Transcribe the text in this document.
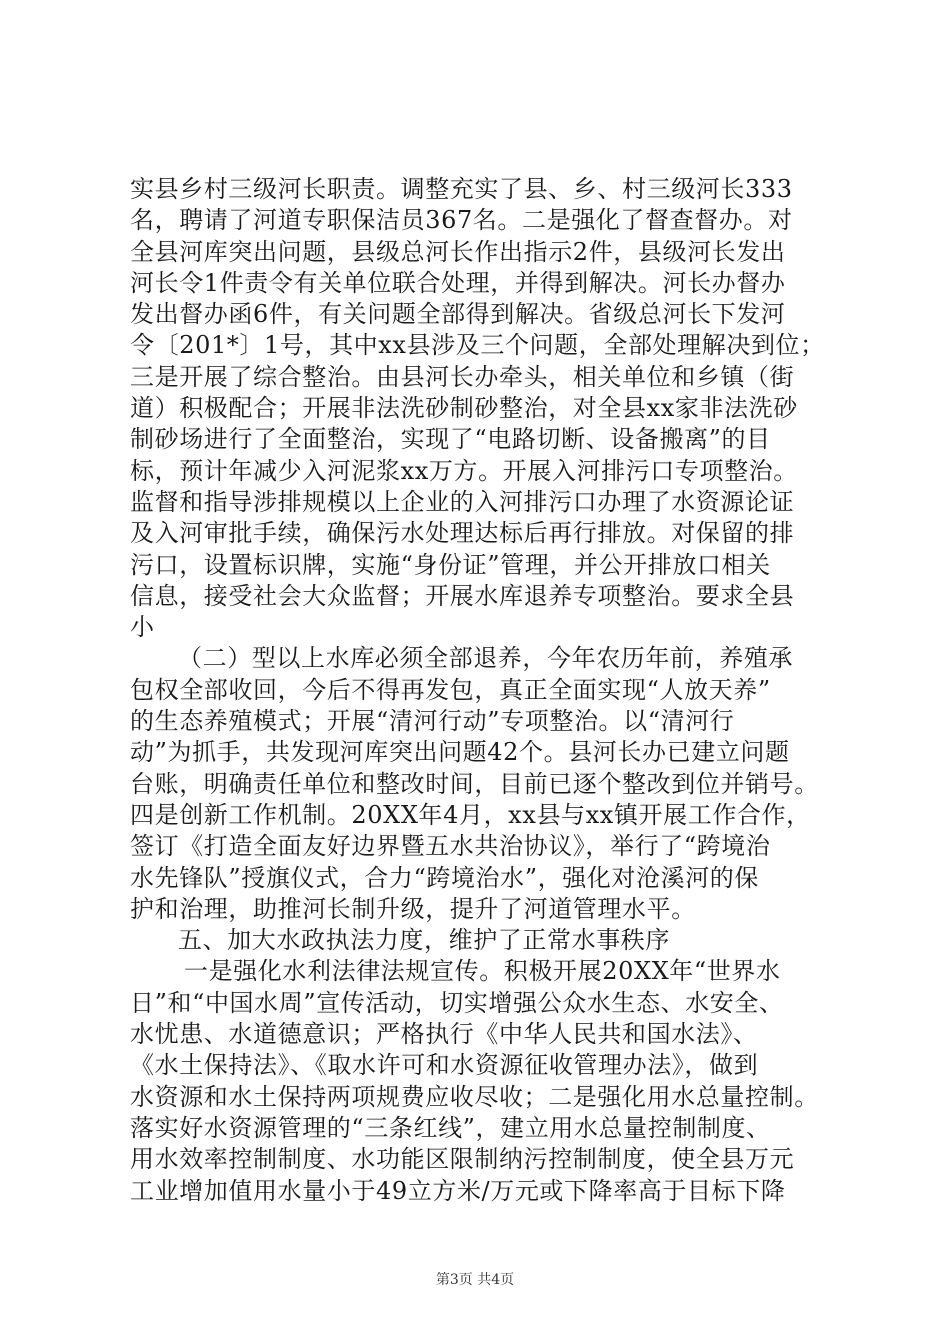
实县乡村三级河长职责。调整充实了县、乡、村三级河长333
名，聘请了河道专职保洁员367名。二是强化了督查督办。对
全县河库突出问题，县级总河长作出指示2件，县级河长发出
河长令1件责令有关单位联合处理，并得到解决。河长办督办
发出督办函6件，有关问题全部得到解决。省级总河长下发河
令〔201*〕1号，其中xx县涉及三个问题，全部处理解决到位；
三是开展了综合整治。由县河长办牵头，相关单位和乡镇（街
道）积极配合；开展非法洗砂制砂整治，对全县xx家非法洗砂
制砂场进行了全面整治，实现了“电路切断、设备搬离”的目
标，预计年减少入河泥浆xx万方。开展入河排污口专项整治。
监督和指导涉排规模以上企业的入河排污口办理了水资源论证
及入河审批手续，确保污水处理达标后再行排放。对保留的排
污口，设置标识牌，实施“身份证”管理，并公开排放口相关
信息，接受社会大众监督；开展水库退养专项整治。要求全县
小
（二）型以上水库必须全部退养，今年农历年前，养殖承
包权全部收回，今后不得再发包，真正全面实现“人放天养”
的生态养殖模式；开展“清河行动”专项整治。以“清河行
动”为抓手，共发现河库突出问题42个。县河长办已建立问题
台账，明确责任单位和整改时间，目前已逐个整改到位并销号。
四是创新工作机制。20XX年4月，xx县与xx镇开展工作合作，
签订《打造全面友好边界暨五水共治协议》，举行了“跨境治
水先锋队”授旗仪式，合力“跨境治水”，强化对沧溪河的保
护和治理，助推河长制升级，提升了河道管理水平。
五、加大水政执法力度，维护了正常水事秩序
一是强化水利法律法规宣传。积极开展20XX年“世界水
日”和“中国水周”宣传活动，切实增强公众水生态、水安全、
水忧患、水道德意识；严格执行《中华人民共和国水法》、
《水土保持法》、《取水许可和水资源征收管理办法》，做到
水资源和水土保持两项规费应收尽收；二是强化用水总量控制。
落实好水资源管理的“三条红线”，建立用水总量控制制度、
用水效率控制制度、水功能区限制纳污控制制度，使全县万元
工业增加值用水量小于49立方米/万元或下降率高于目标下降
第3页 共4页
